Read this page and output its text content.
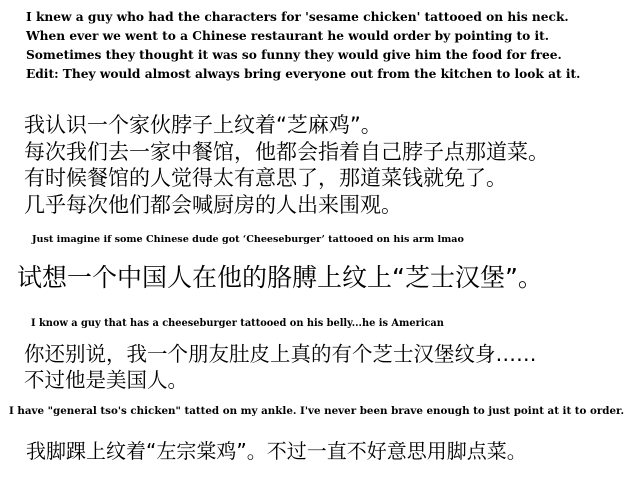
I knew a guy who had the characters for 'sesame chicken' tattooed on his neck.
When ever we went to a Chinese restaurant he would order by pointing to it.
Sometimes they thought it was so funny they would give him the food for free.
Edit: They would almost always bring everyone out from the kitchen to look at it.
我认识一个家伙脖子上纹着“芝麻鸡”。
每次我们去一家中餐馆，他都会指着自己脖子点那道菜。
有时候餐馆的人觉得太有意思了，那道菜钱就免了。
几乎每次他们都会喊厨房的人出来围观。
Just imagine if some Chinese dude got ‘Cheeseburger’ tattooed on his arm lmao
试想一个中国人在他的胳膊上纹上“芝士汉堡”。
I know a guy that has a cheeseburger tattooed on his belly...he is American
你还别说，我一个朋友肚皮上真的有个芝士汉堡纹身……
不过他是美国人。
I have "general tso's chicken" tatted on my ankle. I've never been brave enough to just point at it to order.
我脚踝上纹着“左宗棠鸡”。不过一直不好意思用脚点菜。
